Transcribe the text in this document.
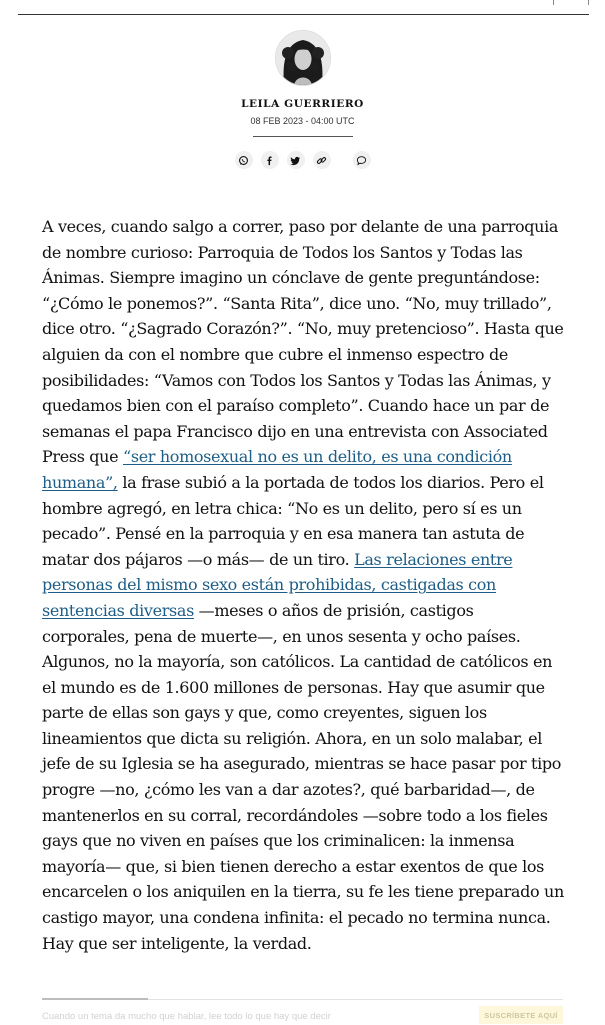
LEILA GUERRIERO
08 FEB 2023 - 04:00 UTC

A veces, cuando salgo a correr, paso por delante de una parroquia de nombre curioso: Parroquia de Todos los Santos y Todas las Ánimas. Siempre imagino un cónclave de gente preguntándose: “¿Cómo le ponemos?”. “Santa Rita”, dice uno. “No, muy trillado”, dice otro. “¿Sagrado Corazón?”. “No, muy pretencioso”. Hasta que alguien da con el nombre que cubre el inmenso espectro de posibilidades: “Vamos con Todos los Santos y Todas las Ánimas, y quedamos bien con el paraíso completo”. Cuando hace un par de semanas el papa Francisco dijo en una entrevista con Associated Press que “ser homosexual no es un delito, es una condición humana”, la frase subió a la portada de todos los diarios. Pero el hombre agregó, en letra chica: “No es un delito, pero sí es un pecado”. Pensé en la parroquia y en esa manera tan astuta de matar dos pájaros —o más— de un tiro. Las relaciones entre personas del mismo sexo están prohibidas, castigadas con sentencias diversas —meses o años de prisión, castigos corporales, pena de muerte—, en unos sesenta y ocho países. Algunos, no la mayoría, son católicos. La cantidad de católicos en el mundo es de 1.600 millones de personas. Hay que asumir que parte de ellas son gays y que, como creyentes, siguen los lineamientos que dicta su religión. Ahora, en un solo malabar, el jefe de su Iglesia se ha asegurado, mientras se hace pasar por tipo progre —no, ¿cómo les van a dar azotes?, qué barbaridad—, de mantenerlos en su corral, recordándoles —sobre todo a los fieles gays que no viven en países que los criminalicen: la inmensa mayoría— que, si bien tienen derecho a estar exentos de que los encarcelen o los aniquilen en la tierra, su fe les tiene preparado un castigo mayor, una condena infinita: el pecado no termina nunca. Hay que ser inteligente, la verdad.

Cuando un tema da mucho que hablar, lee todo lo que hay que decir	SUSCRÍBETE AQUÍ
